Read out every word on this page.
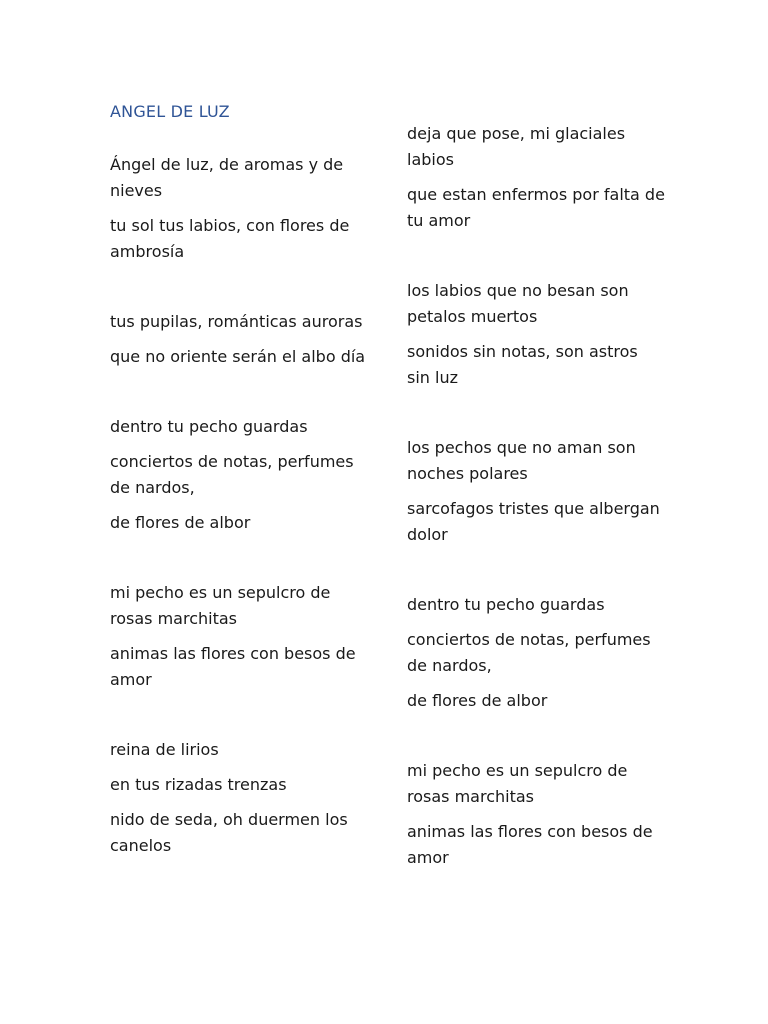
ANGEL DE LUZ
Ángel de luz, de aromas y de nieves
tu sol tus labios, con flores de ambrosía
tus pupilas, románticas auroras
que no oriente serán el albo día
dentro tu pecho guardas
conciertos de notas, perfumes de nardos,
de flores de albor
mi pecho es un sepulcro de rosas marchitas
animas las flores con besos de amor
reina de lirios
en tus rizadas trenzas
nido de seda, oh duermen los canelos
deja que pose, mi glaciales labios
que estan enfermos por falta de tu amor
los labios que no besan son petalos muertos
sonidos sin notas, son astros sin luz
los pechos que no aman son noches polares
sarcofagos tristes que albergan dolor
dentro tu pecho guardas
conciertos de notas, perfumes de nardos,
de flores de albor
mi pecho es un sepulcro de rosas marchitas
animas las flores con besos de amor
